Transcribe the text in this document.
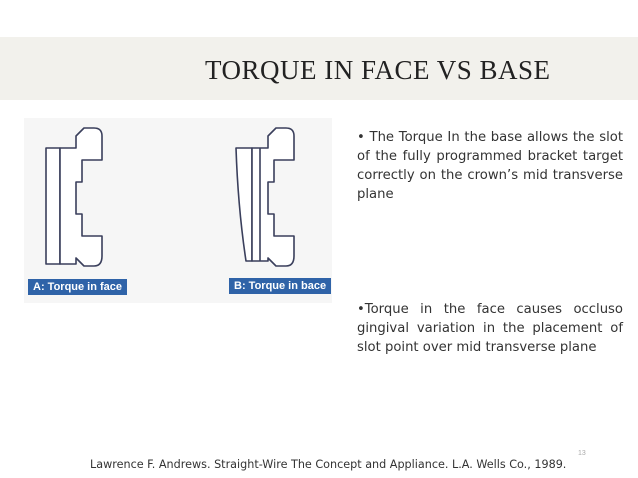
TORQUE IN FACE VS BASE
A: Torque in face	B: Torque in bace
• The Torque In the base allows the slot of the fully programmed bracket target correctly on the crown’s mid transverse plane
•Torque in the face causes occluso gingival variation in the placement of slot point over mid transverse plane
13
Lawrence F. Andrews. Straight-Wire The Concept and Appliance. L.A. Wells Co., 1989.
